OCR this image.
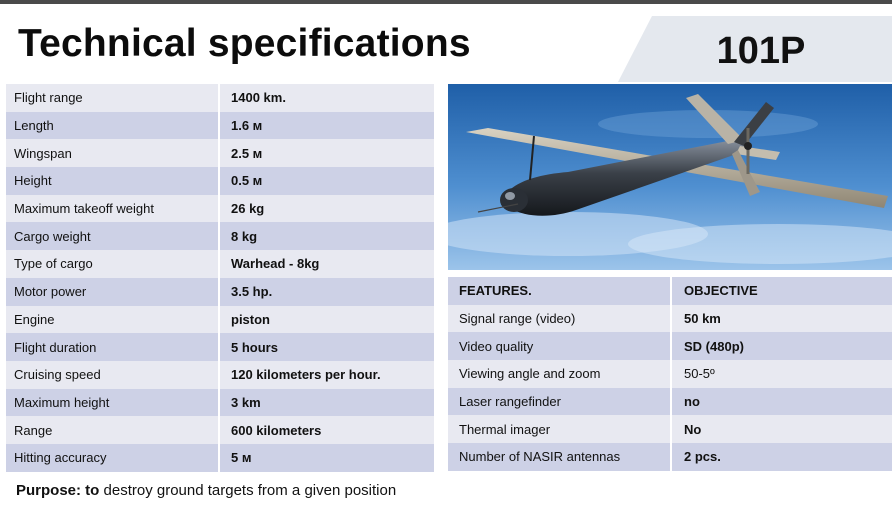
Technical specifications	101P
Flight range	1400 km.
Length	1.6 м
Wingspan	2.5 м
Height	0.5 м
Maximum takeoff weight	26 kg
Cargo weight	8 kg
Type of cargo	Warhead - 8kg
Motor power	3.5 hp.
Engine	piston
Flight duration	5 hours
Cruising speed	120 kilometers per hour.
Maximum height	3 km
Range	600 kilometers
Hitting accuracy	5 м
FEATURES.	OBJECTIVE
Signal range (video)	50 km
Video quality	SD (480p)
Viewing angle and zoom	50-5º
Laser rangefinder	no
Thermal imager	No
Number of NASIR antennas	2 pcs.
Purpose: to destroy ground targets from a given position
